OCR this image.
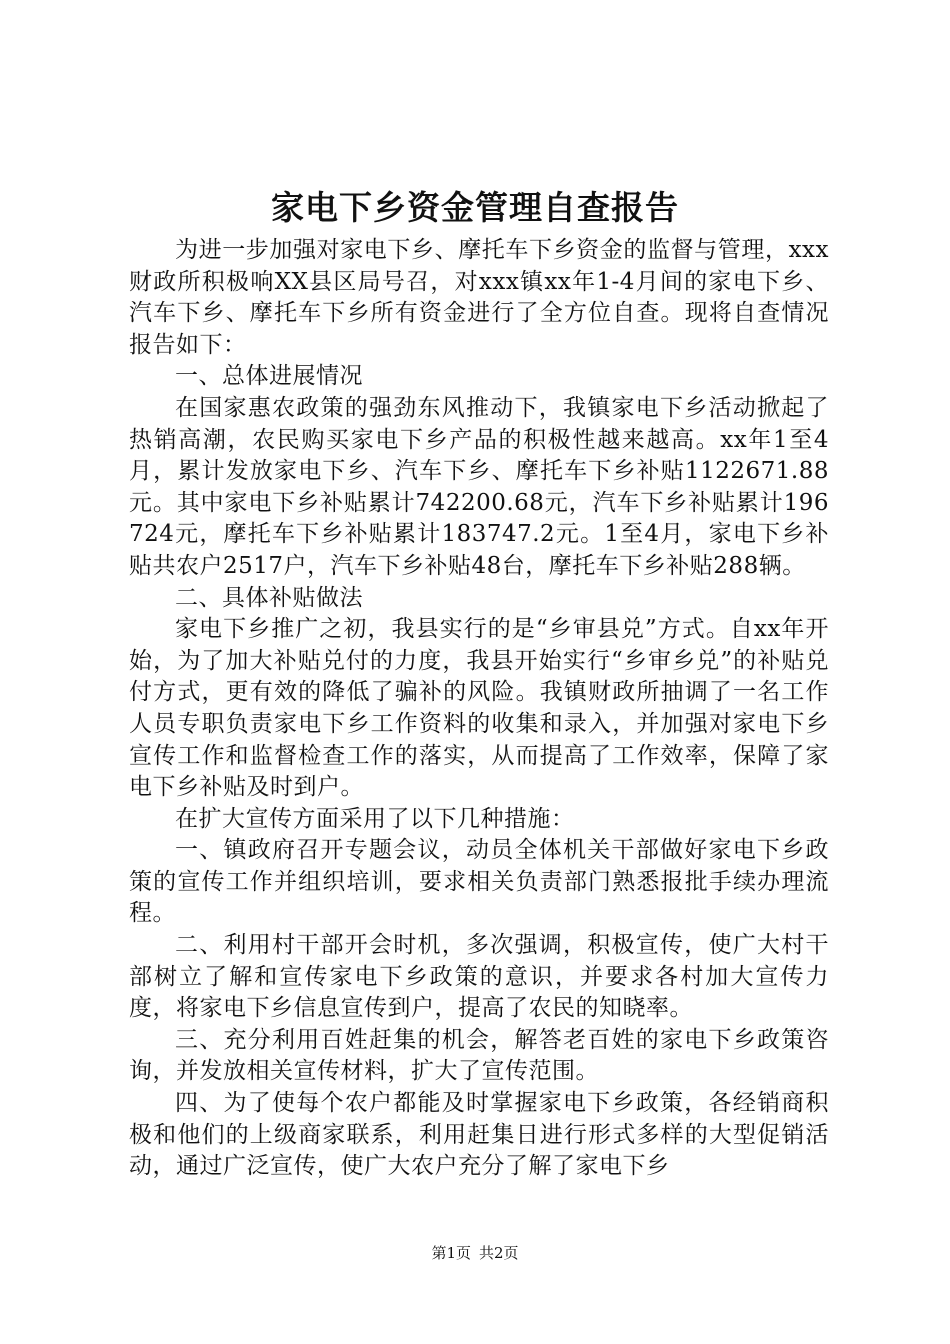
家电下乡资金管理自查报告

为进一步加强对家电下乡、摩托车下乡资金的监督与管理，xxx财政所积极响XX县区局号召，对xxx镇xx年1-4月间的家电下乡、汽车下乡、摩托车下乡所有资金进行了全方位自查。现将自查情况报告如下：

一、总体进展情况

在国家惠农政策的强劲东风推动下，我镇家电下乡活动掀起了热销高潮，农民购买家电下乡产品的积极性越来越高。xx年1至4月，累计发放家电下乡、汽车下乡、摩托车下乡补贴1122671.88元。其中家电下乡补贴累计742200.68元，汽车下乡补贴累计196724元，摩托车下乡补贴累计183747.2元。1至4月，家电下乡补贴共农户2517户，汽车下乡补贴48台，摩托车下乡补贴288辆。

二、具体补贴做法

家电下乡推广之初，我县实行的是“乡审县兑”方式。自xx年开始，为了加大补贴兑付的力度，我县开始实行“乡审乡兑”的补贴兑付方式，更有效的降低了骗补的风险。我镇财政所抽调了一名工作人员专职负责家电下乡工作资料的收集和录入，并加强对家电下乡宣传工作和监督检查工作的落实，从而提高了工作效率，保障了家电下乡补贴及时到户。

在扩大宣传方面采用了以下几种措施：

一、镇政府召开专题会议，动员全体机关干部做好家电下乡政策的宣传工作并组织培训，要求相关负责部门熟悉报批手续办理流程。

二、利用村干部开会时机，多次强调，积极宣传，使广大村干部树立了解和宣传家电下乡政策的意识，并要求各村加大宣传力度，将家电下乡信息宣传到户，提高了农民的知晓率。

三、充分利用百姓赶集的机会，解答老百姓的家电下乡政策咨询，并发放相关宣传材料，扩大了宣传范围。

四、为了使每个农户都能及时掌握家电下乡政策，各经销商积极和他们的上级商家联系，利用赶集日进行形式多样的大型促销活动，通过广泛宣传，使广大农户充分了解了家电下乡

第1页 共2页
